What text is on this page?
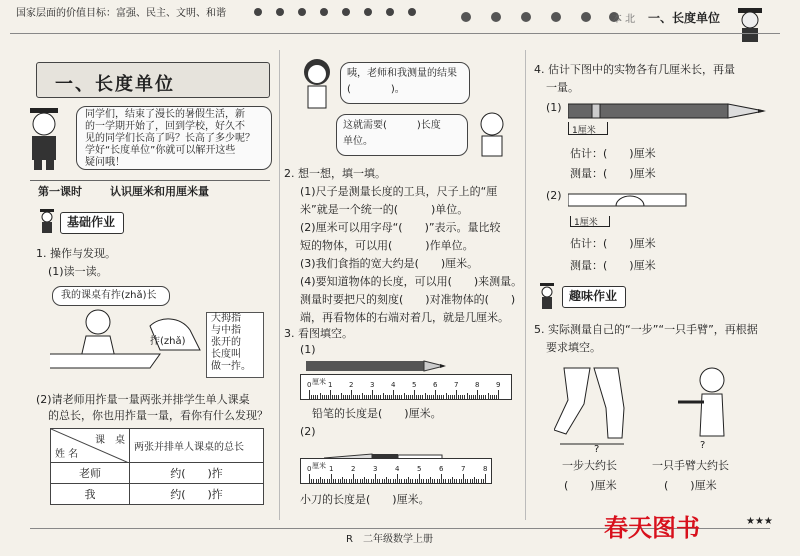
国家层面的价值目标：富强、民主、文明、和谐
本 北 一、长度单位
一、长度单位
同学们，结束了漫长的暑假生活，新
的一学期开始了，回到学校，好久不
见的同学们长高了吗？长高了多少呢？
学好“长度单位”你就可以解开这些
疑问哦！
第一课时	认识厘米和用厘米量
基础作业
1. 操作与发现。
(1)读一读。
我的课桌有拃(zhǎ)长
拃(zhǎ)
大拇指
与中指
张开的
长度叫
做一拃。
(2)请老师用拃量一量两张并排学生单人课桌
的总长，你也用拃量一量，看你有什么发现？
课　桌
姓 名	两张并排单人课桌的总长
老师	约(　　)拃
我	约(　　)拃
咦，老师和我测量的结果
(　　　　)。
这就需要(　　　)长度
单位。
2. 想一想，填一填。
(1)尺子是测量长度的工具，尺子上的“厘
米”就是一个统一的(　　　)单位。
(2)厘米可以用字母“(　　)”表示。量比较
短的物体，可以用(　　　)作单位。
(3)我们食指的宽大约是(　　)厘米。
(4)要知道物体的长度，可以用(　　)来测量。
测量时要把尺的刻度(　　)对准物体的(　　)
端，再看物体的右端对着几，就是几厘米。
3. 看图填空。
(1)
0 1 2 3 4 5 6 7 8 9
厘米
铅笔的长度是(　　)厘米。
(2)
0	1	2	3	4	5	6	7	8
厘米
小刀的长度是(　　)厘米。
4. 估计下图中的实物各有几厘米长，再量
一量。
(1)
1厘米
估计：(　　)厘米
测量：(　　)厘米
(2)
1厘米
估计：(　　)厘米
测量：(　　)厘米
趣味作业
5. 实际测量自己的“一步”“一只手臂”，再根据
要求填空。
?	?
一步大约长
(　　)厘米
一只手臂大约长
(　　)厘米
R　二年级数学上册
★★★
春天图书
